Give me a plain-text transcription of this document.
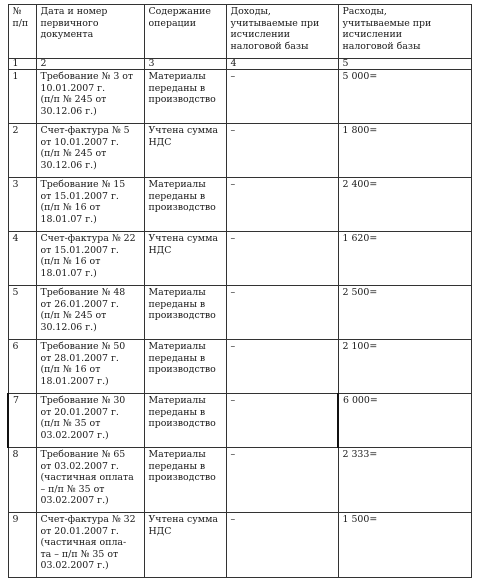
№
п/п	Дата и номер
первичного
документа	Содержание
операции	Доходы,
учитываемые при
исчислении
налоговой базы	Расходы,
учитываемые при
исчислении
налоговой базы

1	2	3	4	5

1	Требование № 3 от
10.01.2007 г.
(п/п № 245 от
30.12.06 г.)	Материалы
переданы в
производство	–	5 000=

2	Счет-фактура № 5
от 10.01.2007 г.
(п/п № 245 от
30.12.06 г.)	Учтена сумма
НДС	–	1 800=

3	Требование № 15
от 15.01.2007 г.
(п/п № 16 от
18.01.07 г.)	Материалы
переданы в
производство	–	2 400=

4	Счет-фактура № 22
от 15.01.2007 г.
(п/п № 16 от
18.01.07 г.)	Учтена сумма
НДС	–	1 620=

5	Требование № 48
от 26.01.2007 г.
(п/п № 245 от
30.12.06 г.)	Материалы
переданы в
производство	–	2 500=

6	Требование № 50
от 28.01.2007 г.
(п/п № 16 от
18.01.2007 г.)	Материалы
переданы в
производство	–	2 100=

7	Требование № 30
от 20.01.2007 г.
(п/п № 35 от
03.02.2007 г.)	Материалы
переданы в
производство	–	6 000=

8	Требование № 65
от 03.02.2007 г.
(частичная оплата – п/п № 35 от
03.02.2007 г.)	Материалы
переданы в
производство	–	2 333=

9	Счет-фактура № 32
от 20.01.2007 г.
(частичная опла-
та – п/п № 35 от
03.02.2007 г.)	Учтена сумма
НДС	–	1 500=
